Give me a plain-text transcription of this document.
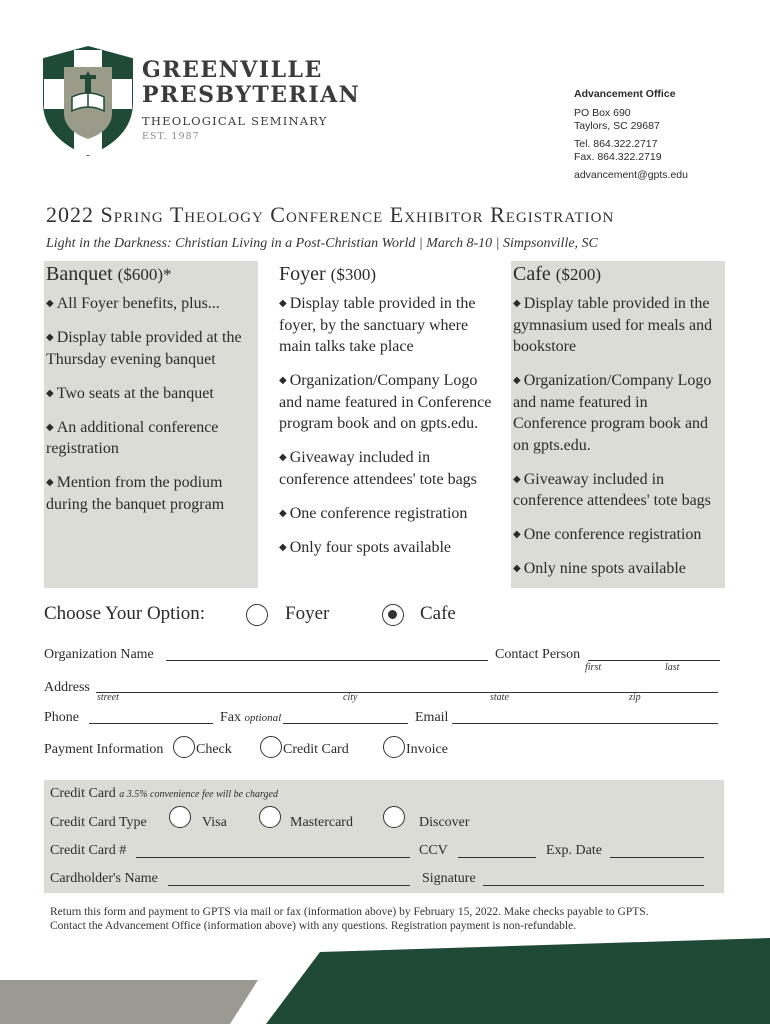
GREENVILLE
PRESBYTERIAN
THEOLOGICAL SEMINARY
EST. 1987
Advancement Office
PO Box 690
Taylors, SC 29687
Tel. 864.322.2717
Fax. 864.322.2719
advancement@gpts.edu
2022 Spring Theology Conference Exhibitor Registration
Light in the Darkness: Christian Living in a Post-Christian World | March 8-10 | Simpsonville, SC
Banquet ($600)*
◆ All Foyer benefits, plus...
◆ Display table provided at the Thursday evening banquet
◆ Two seats at the banquet
◆ An additional conference registration
◆ Mention from the podium during the banquet program
Foyer ($300)
◆ Display table provided in the foyer, by the sanctuary where main talks take place
◆ Organization/Company Logo and name featured in Conference program book and on gpts.edu.
◆ Giveaway included in conference attendees' tote bags
◆ One conference registration
◆ Only four spots available
Cafe ($200)
◆ Display table provided in the gymnasium used for meals and bookstore
◆ Organization/Company Logo and name featured in Conference program book and on gpts.edu.
◆ Giveaway included in conference attendees' tote bags
◆ One conference registration
◆ Only nine spots available
Choose Your Option:	Foyer	Cafe
Organization Name	Contact Person
first	last
Address
street	city	state	zip
Phone	Fax optional	Email
Payment Information Check	Credit Card	Invoice
Credit Card a 3.5% convenience fee will be charged
Credit Card Type	Visa	Mastercard	Discover
Credit Card #	CCV	Exp. Date
Cardholder's Name	Signature
Return this form and payment to GPTS via mail or fax (information above) by February 15, 2022. Make checks payable to GPTS.
Contact the Advancement Office (information above) with any questions. Registration payment is non-refundable.
